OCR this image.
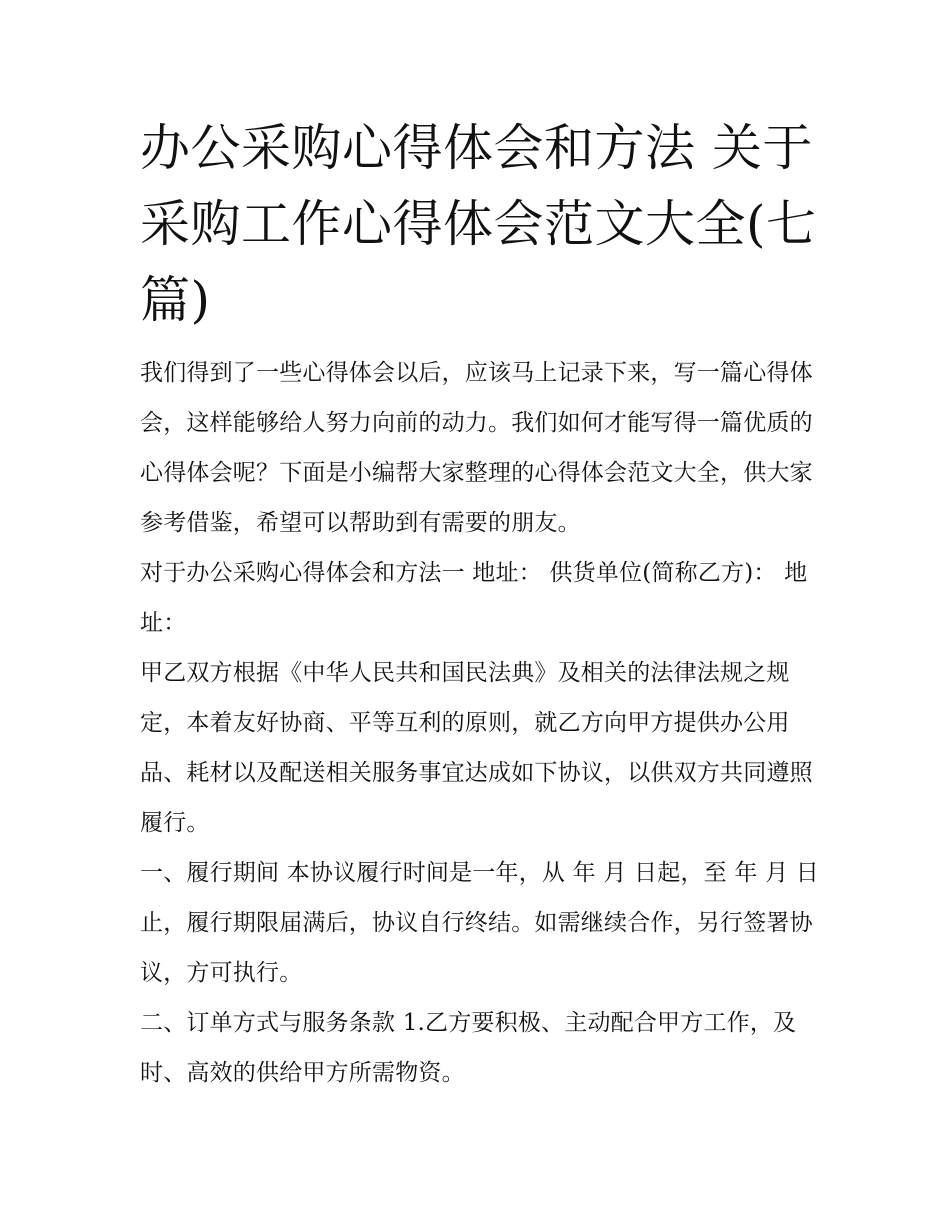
办公采购心得体会和方法 关于采购工作心得体会范文大全(七篇)

我们得到了一些心得体会以后，应该马上记录下来，写一篇心得体会，这样能够给人努力向前的动力。我们如何才能写得一篇优质的心得体会呢？下面是小编帮大家整理的心得体会范文大全，供大家参考借鉴，希望可以帮助到有需要的朋友。

对于办公采购心得体会和方法一 地址： 供货单位(简称乙方)： 地址：

甲乙双方根据《中华人民共和国民法典》及相关的法律法规之规定，本着友好协商、平等互利的原则，就乙方向甲方提供办公用品、耗材以及配送相关服务事宜达成如下协议，以供双方共同遵照履行。

一、履行期间 本协议履行时间是一年，从 年 月 日起，至 年 月 日止，履行期限届满后，协议自行终结。如需继续合作，另行签署协议，方可执行。

二、订单方式与服务条款 1.乙方要积极、主动配合甲方工作，及时、高效的供给甲方所需物资。
